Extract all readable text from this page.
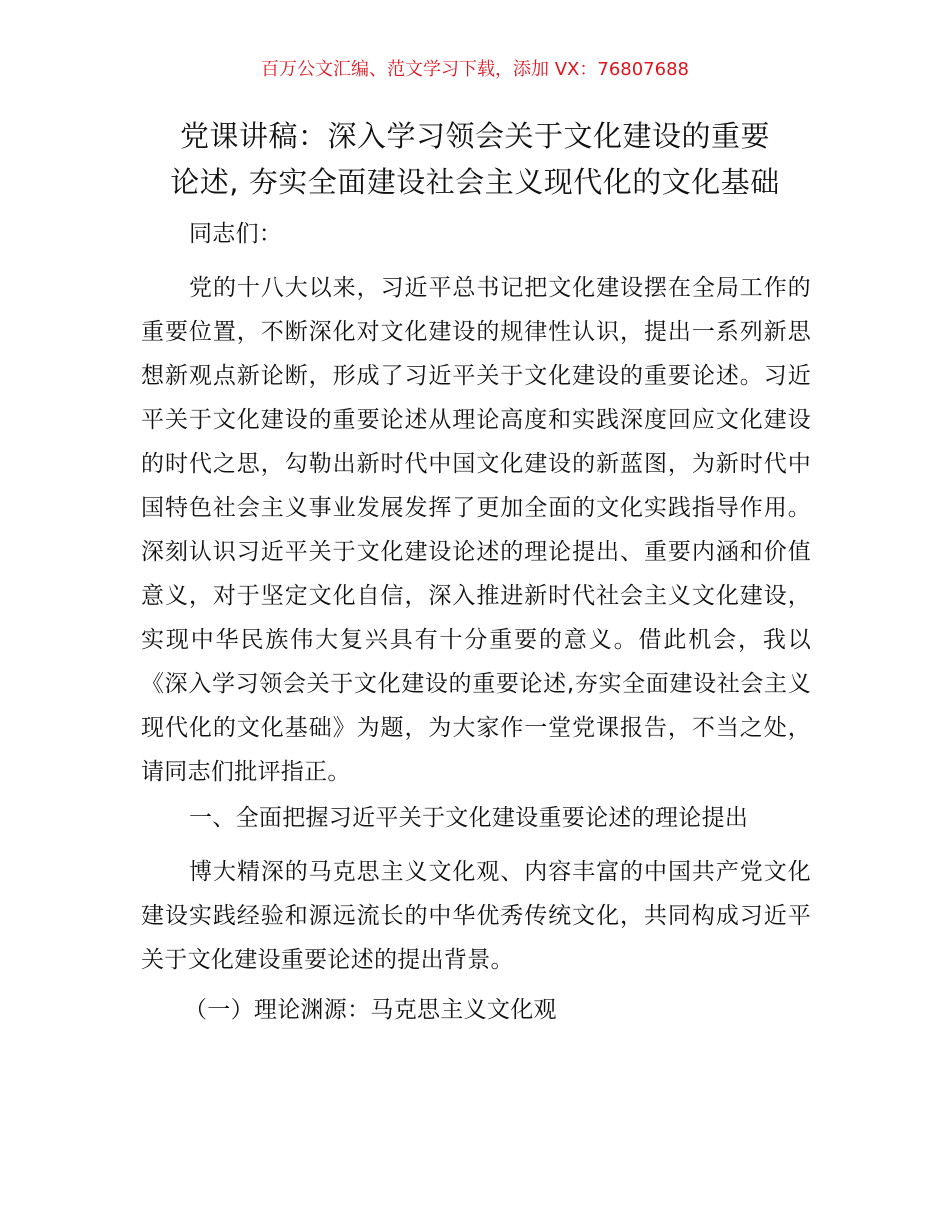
百万公文汇编、范文学习下载，添加 VX：76807688
党课讲稿：深入学习领会关于文化建设的重要
论述, 夯实全面建设社会主义现代化的文化基础
同志们：
党的十八大以来，习近平总书记把文化建设摆在全局工作的重要位置，不断深化对文化建设的规律性认识，提出一系列新思想新观点新论断，形成了习近平关于文化建设的重要论述。习近平关于文化建设的重要论述从理论高度和实践深度回应文化建设的时代之思，勾勒出新时代中国文化建设的新蓝图，为新时代中国特色社会主义事业发展发挥了更加全面的文化实践指导作用。深刻认识习近平关于文化建设论述的理论提出、重要内涵和价值意义，对于坚定文化自信，深入推进新时代社会主义文化建设，实现中华民族伟大复兴具有十分重要的意义。借此机会，我以《深入学习领会关于文化建设的重要论述,夯实全面建设社会主义现代化的文化基础》为题，为大家作一堂党课报告，不当之处，请同志们批评指正。
一、全面把握习近平关于文化建设重要论述的理论提出
博大精深的马克思主义文化观、内容丰富的中国共产党文化建设实践经验和源远流长的中华优秀传统文化，共同构成习近平关于文化建设重要论述的提出背景。
（一）理论渊源：马克思主义文化观
